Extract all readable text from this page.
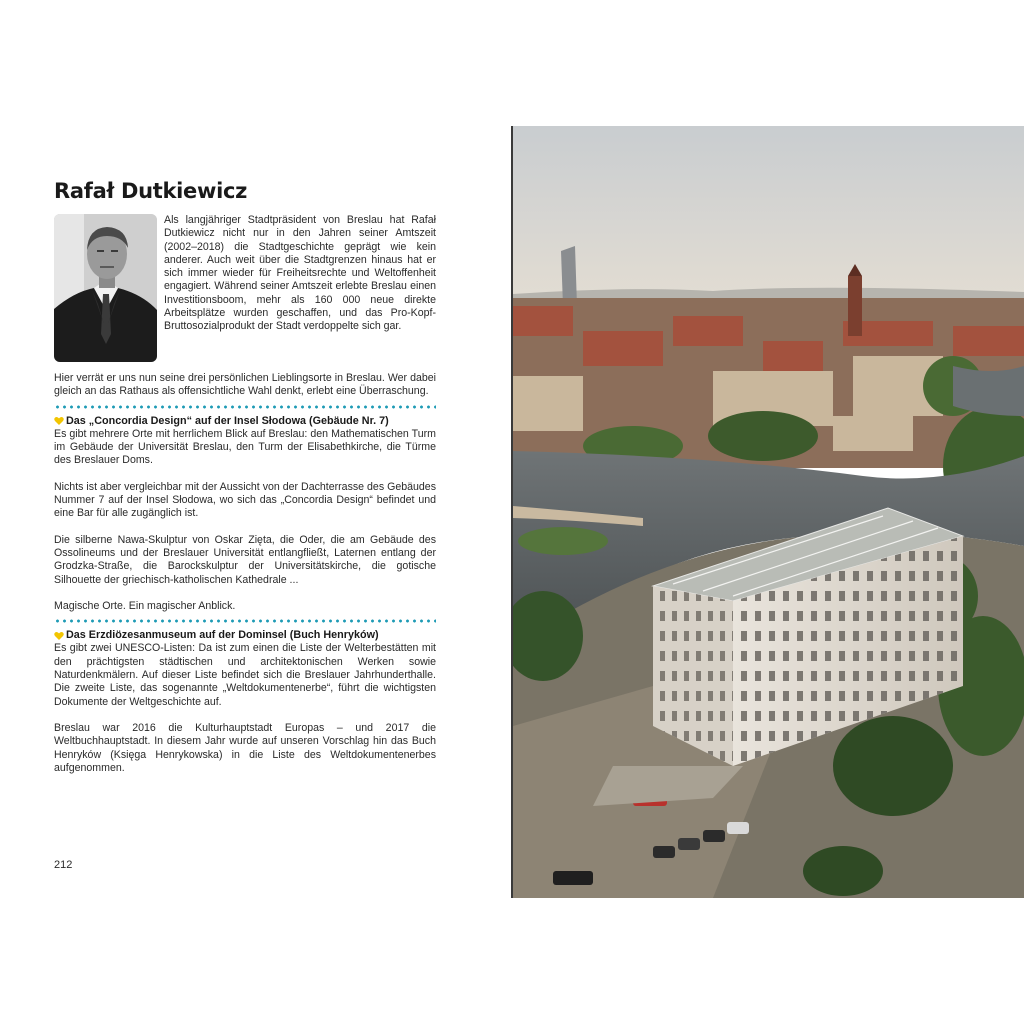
Rafał Dutkiewicz
Als langjähriger Stadtpräsident von Breslau hat Rafał Dutkiewicz nicht nur in den Jahren seiner Amtszeit (2002–2018) die Stadtgeschichte geprägt wie kein anderer. Auch weit über die Stadtgrenzen hinaus hat er sich immer wieder für Freiheitsrechte und Weltoffenheit engagiert. Während seiner Amtszeit erlebte Breslau einen Investitionsboom, mehr als 160 000 neue direkte Arbeitsplätze wurden geschaffen, und das Pro-Kopf-Bruttosozialprodukt der Stadt verdoppelte sich gar.

Hier verrät er uns nun seine drei persönlichen Lieblingsorte in Breslau. Wer dabei gleich an das Rathaus als offensichtliche Wahl denkt, erlebt eine Überraschung.

Das „Concordia Design“ auf der Insel Słodowa (Gebäude Nr. 7)

Es gibt mehrere Orte mit herrlichem Blick auf Breslau: den Mathematischen Turm im Gebäude der Universität Breslau, den Turm der Elisabethkirche, die Türme des Breslauer Doms.

Nichts ist aber vergleichbar mit der Aussicht von der Dachterrasse des Gebäudes Nummer 7 auf der Insel Słodowa, wo sich das „Concordia Design“ befindet und eine Bar für alle zugänglich ist.

Die silberne Nawa-Skulptur von Oskar Zięta, die Oder, die am Gebäude des Ossolineums und der Breslauer Universität entlangfließt, Laternen entlang der Grodzka-Straße, die Barockskulptur der Universitätskirche, die gotische Silhouette der griechisch-katholischen Kathedrale ...

Magische Orte. Ein magischer Anblick.

Das Erzdiözesanmuseum auf der Dominsel (Buch Henryków)

Es gibt zwei UNESCO-Listen: Da ist zum einen die Liste der Welterbestätten mit den prächtigsten städtischen und architektonischen Werken sowie Naturdenkmälern. Auf dieser Liste befindet sich die Breslauer Jahrhunderthalle. Die zweite Liste, das sogenannte „Weltdokumentenerbe“, führt die wichtigsten Dokumente der Weltgeschichte auf.

Breslau war 2016 die Kulturhauptstadt Europas – und 2017 die Weltbuchhauptstadt. In diesem Jahr wurde auf unseren Vorschlag hin das Buch Henryków (Księga Henrykowska) in die Liste des Weltdokumentenerbes aufgenommen.

212
